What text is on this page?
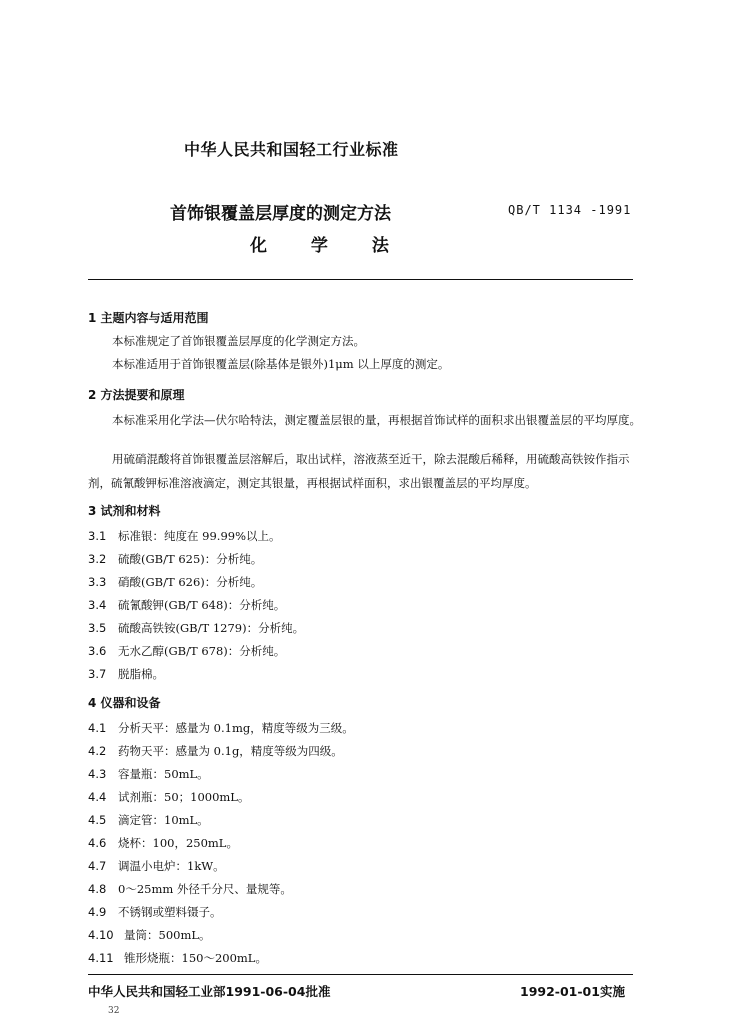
中华人民共和国轻工行业标准
首饰银覆盖层厚度的测定方法	QB/T 1134 -1991
化 学 法
1 主题内容与适用范围
本标准规定了首饰银覆盖层厚度的化学测定方法。
本标准适用于首饰银覆盖层(除基体是银外)1μm 以上厚度的测定。
2 方法提要和原理
本标准采用化学法—伏尔哈特法，测定覆盖层银的量，再根据首饰试样的面积求出银覆盖层的平均厚度。
用硫硝混酸将首饰银覆盖层溶解后，取出试样，溶液蒸至近干，除去混酸后稀释，用硫酸高铁铵作指示剂，硫氰酸钾标准溶液滴定，测定其银量，再根据试样面积，求出银覆盖层的平均厚度。
3 试剂和材料
3.1 标准银：纯度在 99.99%以上。
3.2 硫酸(GB/T 625)：分析纯。
3.3 硝酸(GB/T 626)：分析纯。
3.4 硫氰酸钾(GB/T 648)：分析纯。
3.5 硫酸高铁铵(GB/T 1279)：分析纯。
3.6 无水乙醇(GB/T 678)：分析纯。
3.7 脱脂棉。
4 仪器和设备
4.1 分析天平：感量为 0.1mg，精度等级为三级。
4.2 药物天平：感量为 0.1g，精度等级为四级。
4.3 容量瓶：50mL。
4.4 试剂瓶：50；1000mL。
4.5 滴定管：10mL。
4.6 烧杯：100，250mL。
4.7 调温小电炉：1kW。
4.8 0～25mm 外径千分尺、量规等。
4.9 不锈钢或塑料镊子。
4.10 量筒：500mL。
4.11 锥形烧瓶：150～200mL。
中华人民共和国轻工业部1991-06-04批准	1992-01-01实施
32
